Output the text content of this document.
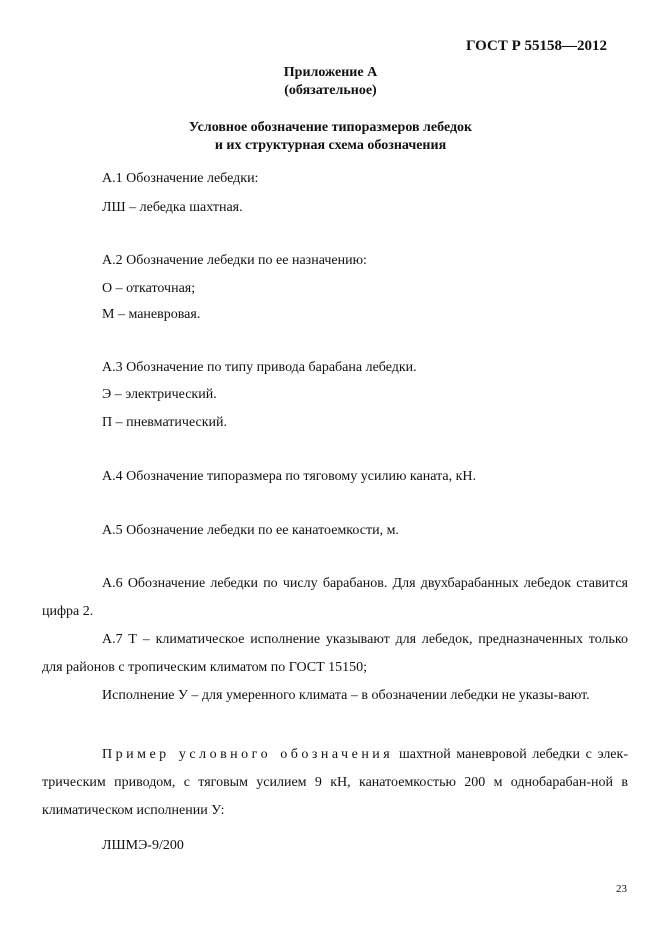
ГОСТ Р 55158—2012
Приложение А
(обязательное)
Условное обозначение типоразмеров лебедок
и их структурная схема обозначения
А.1 Обозначение лебедки:
ЛШ – лебедка шахтная.
А.2 Обозначение лебедки по ее назначению:
О – откаточная;
М – маневровая.
А.3 Обозначение по типу привода барабана лебедки.
Э – электрический.
П – пневматический.
А.4 Обозначение типоразмера по тяговому усилию каната, кН.
А.5 Обозначение лебедки по ее канатоемкости, м.
А.6 Обозначение лебедки по числу барабанов. Для двухбарабанных лебедок ставится цифра 2.
А.7 Т – климатическое исполнение указывают для лебедок, предназначенных только для районов с тропическим климатом по ГОСТ 15150;
Исполнение У – для умеренного климата – в обозначении лебедки не указы-вают.
Пример условного обозначения шахтной маневровой лебедки с элек-трическим приводом, с тяговым усилием 9 кН, канатоемкостью 200 м однобарабан-ной в климатическом исполнении У:
ЛШМЭ-9/200
23
